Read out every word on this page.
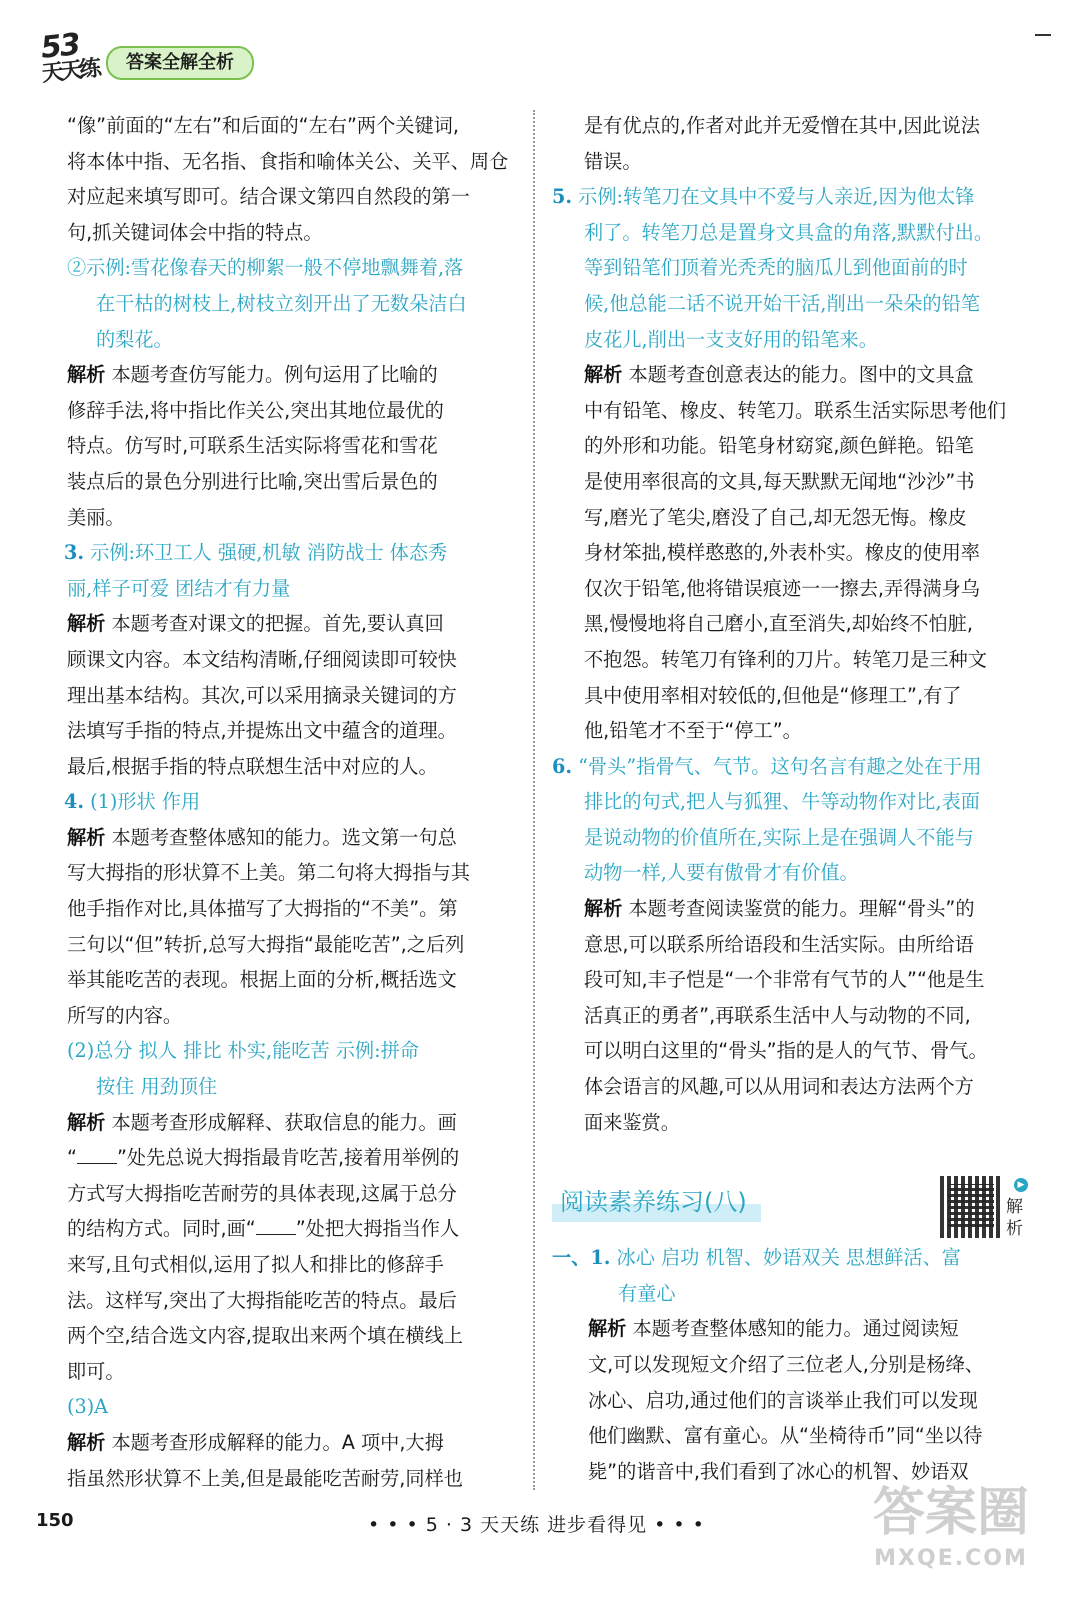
53
天天练	答案全解全析
“像”前面的“左右”和后面的“左右”两个关键词,
将本体中指、无名指、食指和喻体关公、关平、周仓
对应起来填写即可。结合课文第四自然段的第一
句,抓关键词体会中指的特点。
②示例:雪花像春天的柳絮一般不停地飘舞着,落
在干枯的树枝上,树枝立刻开出了无数朵洁白
的梨花。
解析 本题考查仿写能力。例句运用了比喻的
修辞手法,将中指比作关公,突出其地位最优的
特点。仿写时,可联系生活实际将雪花和雪花
装点后的景色分别进行比喻,突出雪后景色的
美丽。
3. 示例:环卫工人 强硬,机敏 消防战士 体态秀
丽,样子可爱 团结才有力量
解析 本题考查对课文的把握。首先,要认真回
顾课文内容。本文结构清晰,仔细阅读即可较快
理出基本结构。其次,可以采用摘录关键词的方
法填写手指的特点,并提炼出文中蕴含的道理。
最后,根据手指的特点联想生活中对应的人。
4. (1)形状 作用
解析 本题考查整体感知的能力。选文第一句总
写大拇指的形状算不上美。第二句将大拇指与其
他手指作对比,具体描写了大拇指的“不美”。第
三句以“但”转折,总写大拇指“最能吃苦”,之后列
举其能吃苦的表现。根据上面的分析,概括选文
所写的内容。
(2)总分 拟人 排比 朴实,能吃苦 示例:拼命
按住 用劲顶住
解析 本题考查形成解释、获取信息的能力。画
“ ”处先总说大拇指最肯吃苦,接着用举例的
方式写大拇指吃苦耐劳的具体表现,这属于总分
的结构方式。同时,画“ ”处把大拇指当作人
来写,且句式相似,运用了拟人和排比的修辞手
法。这样写,突出了大拇指能吃苦的特点。最后
两个空,结合选文内容,提取出来两个填在横线上
即可。
(3)A
解析 本题考查形成解释的能力。A 项中,大拇
指虽然形状算不上美,但是最能吃苦耐劳,同样也
是有优点的,作者对此并无爱憎在其中,因此说法
错误。
5. 示例:转笔刀在文具中不爱与人亲近,因为他太锋
利了。转笔刀总是置身文具盒的角落,默默付出。
等到铅笔们顶着光秃秃的脑瓜儿到他面前的时
候,他总能二话不说开始干活,削出一朵朵的铅笔
皮花儿,削出一支支好用的铅笔来。
解析 本题考查创意表达的能力。图中的文具盒
中有铅笔、橡皮、转笔刀。联系生活实际思考他们
的外形和功能。铅笔身材窈窕,颜色鲜艳。铅笔
是使用率很高的文具,每天默默无闻地“沙沙”书
写,磨光了笔尖,磨没了自己,却无怨无悔。橡皮
身材笨拙,模样憨憨的,外表朴实。橡皮的使用率
仅次于铅笔,他将错误痕迹一一擦去,弄得满身乌
黑,慢慢地将自己磨小,直至消失,却始终不怕脏,
不抱怨。转笔刀有锋利的刀片。转笔刀是三种文
具中使用率相对较低的,但他是“修理工”,有了
他,铅笔才不至于“停工”。
6. “骨头”指骨气、气节。这句名言有趣之处在于用
排比的句式,把人与狐狸、牛等动物作对比,表面
是说动物的价值所在,实际上是在强调人不能与
动物一样,人要有傲骨才有价值。
解析 本题考查阅读鉴赏的能力。理解“骨头”的
意思,可以联系所给语段和生活实际。由所给语
段可知,丰子恺是“一个非常有气节的人”“他是生
活真正的勇者”,再联系生活中人与动物的不同,
可以明白这里的“骨头”指的是人的气节、骨气。
体会语言的风趣,可以从用词和表达方法两个方
面来鉴赏。
阅读素养练习(八)
▶
解析
一、1. 冰心 启功 机智、妙语双关 思想鲜活、富
有童心
解析 本题考查整体感知的能力。通过阅读短
文,可以发现短文介绍了三位老人,分别是杨绛、
冰心、启功,通过他们的言谈举止我们可以发现
他们幽默、富有童心。从“坐椅待币”同“坐以待
毙”的谐音中,我们看到了冰心的机智、妙语双
150	• • • 5 · 3 天天练 进步看得见 • • •	答案圈
MXQE.COM
